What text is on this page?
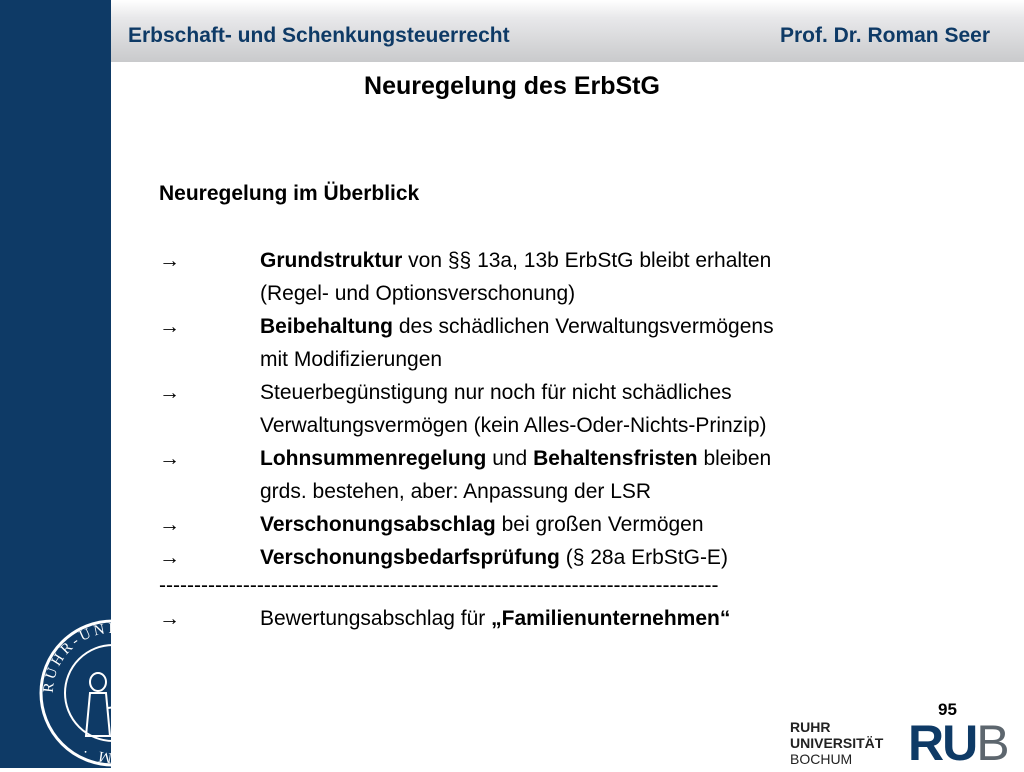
Erbschaft- und Schenkungsteuerrecht	Prof. Dr. Roman Seer
Neuregelung des ErbStG
Neuregelung im Überblick
→	Grundstruktur von §§ 13a, 13b ErbStG bleibt erhalten
(Regel- und Optionsverschonung)
→	Beibehaltung des schädlichen Verwaltungsvermögens
mit Modifizierungen
→	Steuerbegünstigung nur noch für nicht schädliches
Verwaltungsvermögen (kein Alles-Oder-Nichts-Prinzip)
→	Lohnsummenregelung und Behaltensfristen bleiben
grds. bestehen, aber: Anpassung der LSR
→	Verschonungsabschlag bei großen Vermögen
→	Verschonungsbedarfsprüfung (§ 28a ErbStG-E)
--------------------------------------------------------------------------------
→	Bewertungsabschlag für „Familienunternehmen“
95
RUHR-UNIVERSITÄT · BOCHUM ·
RUHR
UNIVERSITÄT
BOCHUM	RUB
